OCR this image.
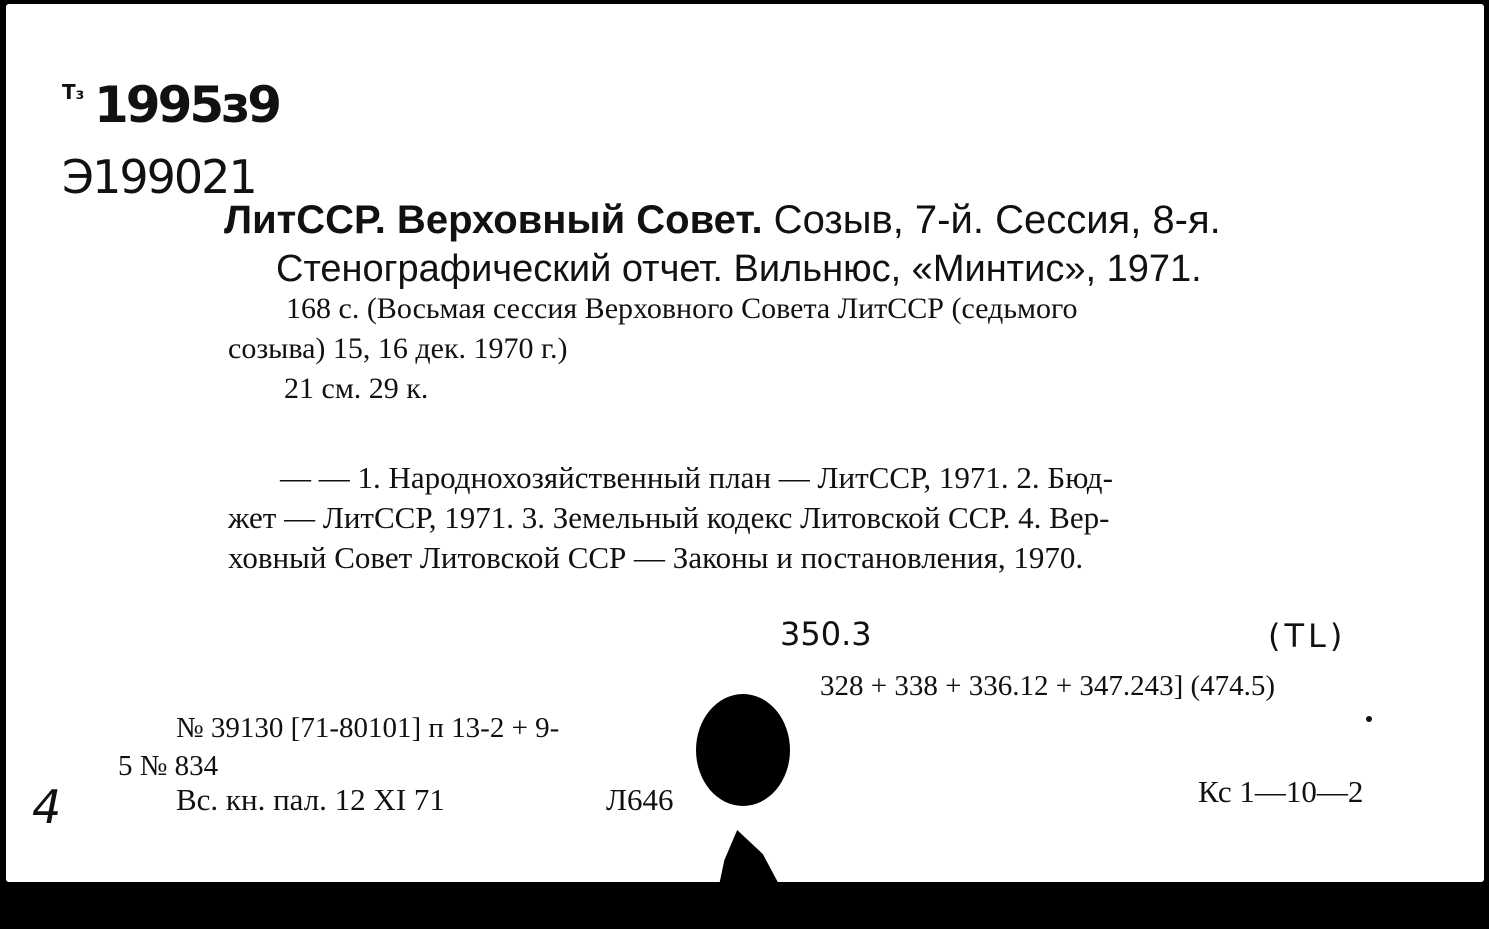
Т₃ 1995з9
Э199021
ЛитССР. Верховный Совет. Созыв, 7-й. Сессия, 8-я.
Стенографический отчет. Вильнюс, «Минтис», 1971.
168 с. (Восьмая сессия Верховного Совета ЛитССР (седьмого
созыва) 15, 16 дек. 1970 г.)
21 см. 29 к.
— — 1. Народнохозяйственный план — ЛитССР, 1971. 2. Бюд-
жет — ЛитССР, 1971. 3. Земельный кодекс Литовской ССР. 4. Вер-
ховный Совет Литовской ССР — Законы и постановления, 1970.
350.3	(TL)
328 + 338 + 336.12 + 347.243] (474.5)
№ 39130 [71-80101] п 13-2 + 9-
5 № 834
Вс. кн. пал. 12 XI 71	Л646	Кс 1—10—2
4
